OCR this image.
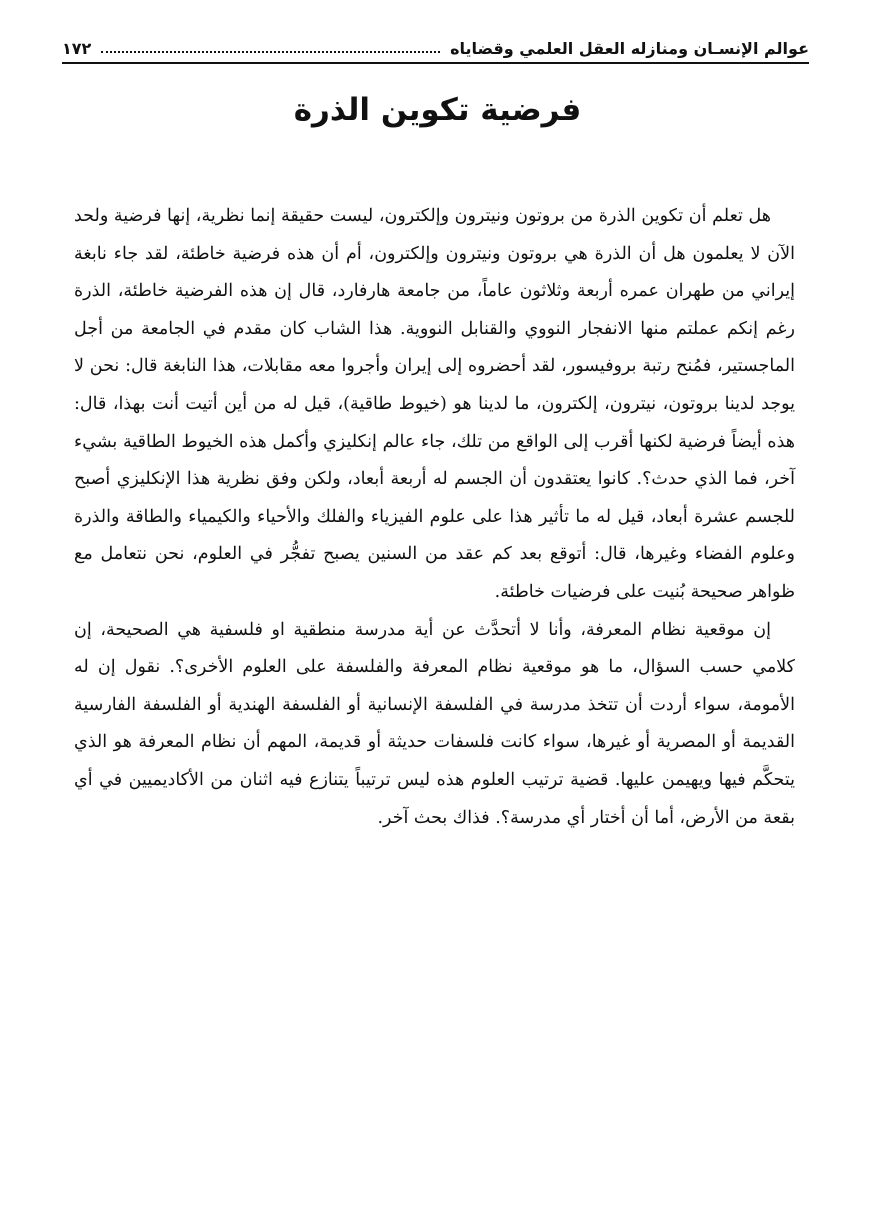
عوالم الإنسـان ومنازله العقل العلمي وقضاياه
١٧٢
فرضية تكوين الذرة

هل تعلم أن تكوين الذرة من بروتون ونيترون وإلكترون، ليست حقيقة إنما نظرية، إنها فرضية ولحد الآن لا يعلمون هل أن الذرة هي بروتون ونيترون وإلكترون، أم أن هذه فرضية خاطئة، لقد جاء نابغة إيراني من طهران عمره أربعة وثلاثون عاماً، من جامعة هارفارد، قال إن هذه الفرضية خاطئة، الذرة رغم إنكم عملتم منها الانفجار النووي والقنابل النووية. هذا الشاب كان مقدم في الجامعة من أجل الماجستير، فمُنح رتبة بروفيسور، لقد أحضروه إلى إيران وأجروا معه مقابلات، هذا النابغة قال: نحن لا يوجد لدينا بروتون، نيترون، إلكترون، ما لدينا هو (خيوط طاقية)، قيل له من أين أتيت أنت بهذا، قال: هذه أيضاً فرضية لكنها أقرب إلى الواقع من تلك، جاء عالم إنكليزي وأكمل هذه الخيوط الطاقية بشيء آخر، فما الذي حدث؟. كانوا يعتقدون أن الجسم له أربعة أبعاد، ولكن وفق نظرية هذا الإنكليزي أصبح للجسم عشرة أبعاد، قيل له ما تأثير هذا على علوم الفيزياء والفلك والأحياء والكيمياء والطاقة والذرة وعلوم الفضاء وغيرها، قال: أتوقع بعد كم عقد من السنين يصبح تفجُّر في العلوم، نحن نتعامل مع ظواهر صحيحة بُنيت على فرضيات خاطئة.

إن موقعية نظام المعرفة، وأنا لا أتحدَّث عن أية مدرسة منطقية او فلسفية هي الصحيحة، إن كلامي حسب السؤال، ما هو موقعية نظام المعرفة والفلسفة على العلوم الأخرى؟. نقول إن له الأمومة، سواء أردت أن تتخذ مدرسة في الفلسفة الإنسانية أو الفلسفة الهندية أو الفلسفة الفارسية القديمة أو المصرية أو غيرها، سواء كانت فلسفات حديثة أو قديمة، المهم أن نظام المعرفة هو الذي يتحكَّم فيها ويهيمن عليها. قضية ترتيب العلوم هذه ليس ترتيباً يتنازع فيه اثنان من الأكاديميين في أي بقعة من الأرض، أما أن أختار أي مدرسة؟. فذاك بحث آخر.
